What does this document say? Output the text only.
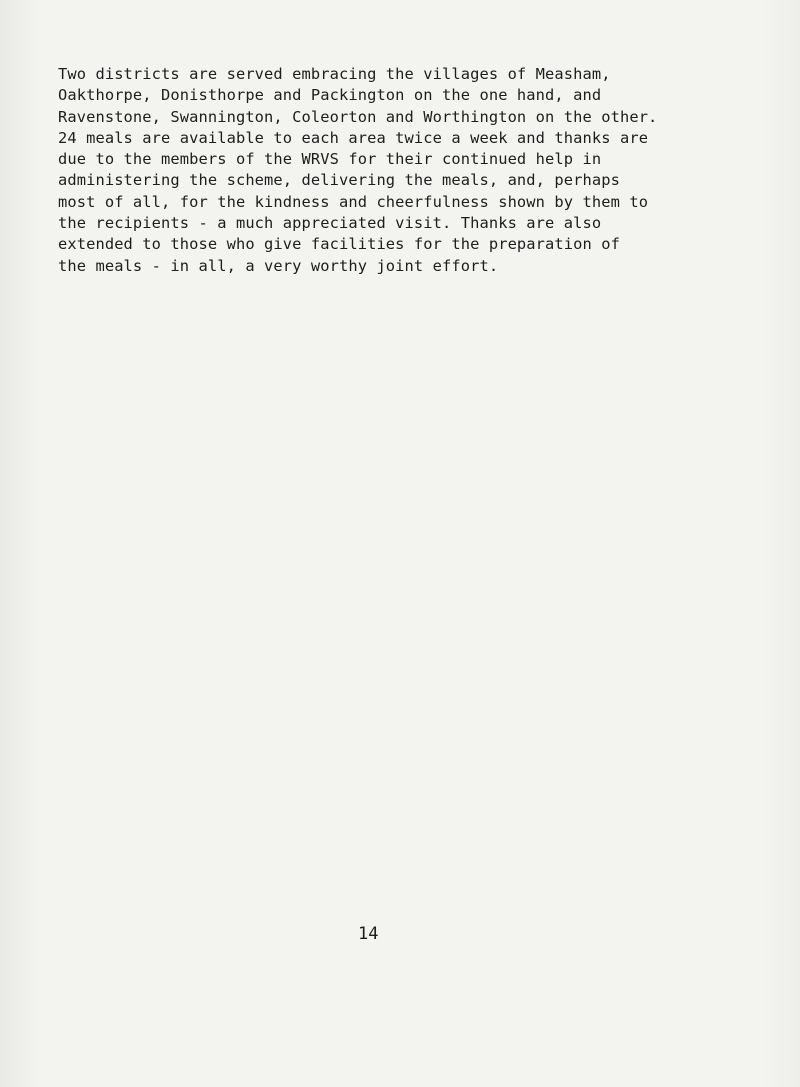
Two districts are served embracing the villages of Measham,
Oakthorpe, Donisthorpe and Packington on the one hand, and
Ravenstone, Swannington, Coleorton and Worthington on the other.
24 meals are available to each area twice a week and thanks are
due to the members of the WRVS for their continued help in
administering the scheme, delivering the meals, and, perhaps
most of all, for the kindness and cheerfulness shown by them to
the recipients - a much appreciated visit. Thanks are also
extended to those who give facilities for the preparation of
the meals - in all, a very worthy joint effort.
14
